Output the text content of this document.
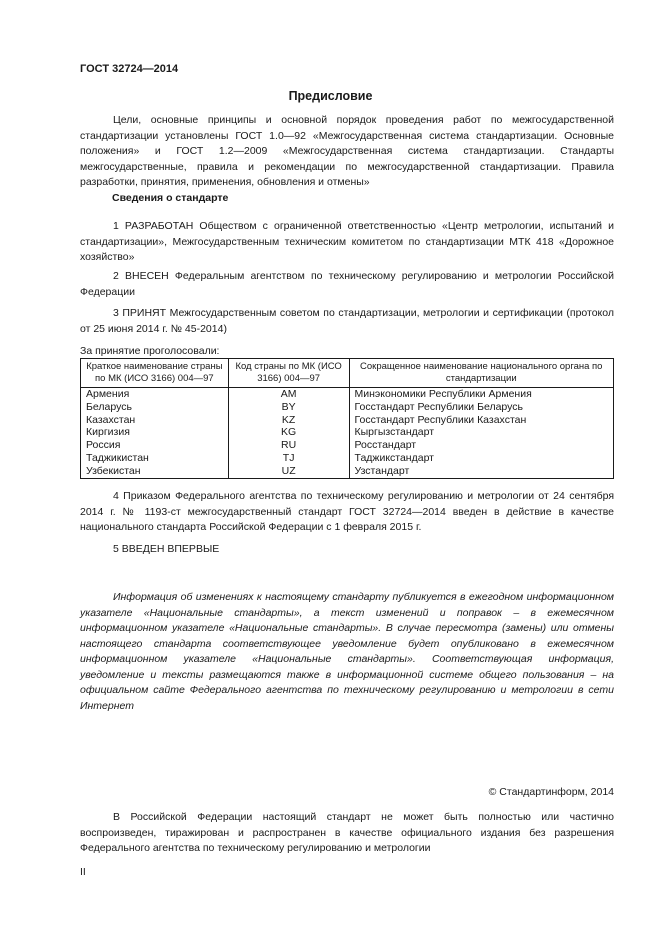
ГОСТ 32724—2014
Предисловие
Цели, основные принципы и основной порядок проведения работ по межгосударственной стандартизации установлены ГОСТ 1.0—92 «Межгосударственная система стандартизации. Основные положения» и ГОСТ 1.2—2009 «Межгосударственная система стандартизации. Стандарты межгосударственные, правила и рекомендации по межгосударственной стандартизации. Правила разработки, принятия, применения, обновления и отмены»
Сведения о стандарте
1 РАЗРАБОТАН Обществом с ограниченной ответственностью «Центр метрологии, испытаний и стандартизации», Межгосударственным техническим комитетом по стандартизации МТК 418 «Дорожное хозяйство»
2 ВНЕСЕН Федеральным агентством по техническому регулированию и метрологии Российской Федерации
3 ПРИНЯТ Межгосударственным советом по стандартизации, метрологии и сертификации (протокол от 25 июня 2014 г. № 45-2014)
За принятие проголосовали:
Краткое наименование страны по МК (ИСО 3166) 004—97	Код страны по МК (ИСО 3166) 004—97	Сокращенное наименование национального органа по стандартизации
Армения	AM	Минэкономики Республики Армения
Беларусь	BY	Госстандарт Республики Беларусь
Казахстан	KZ	Госстандарт Республики Казахстан
Киргизия	KG	Кыргызстандарт
Россия	RU	Росстандарт
Таджикистан	TJ	Таджикстандарт
Узбекистан	UZ	Узстандарт
4 Приказом Федерального агентства по техническому регулированию и метрологии от 24 сентября 2014 г. № 1193-ст межгосударственный стандарт ГОСТ 32724—2014 введен в действие в качестве национального стандарта Российской Федерации с 1 февраля 2015 г.
5 ВВЕДЕН ВПЕРВЫЕ
Информация об изменениях к настоящему стандарту публикуется в ежегодном информационном указателе «Национальные стандарты», а текст изменений и поправок – в ежемесячном информационном указателе «Национальные стандарты». В случае пересмотра (замены) или отмены настоящего стандарта соответствующее уведомление будет опубликовано в ежемесячном информационном указателе «Национальные стандарты». Соответствующая информация, уведомление и тексты размещаются также в информационной системе общего пользования – на официальном сайте Федерального агентства по техническому регулированию и метрологии в сети Интернет
© Стандартинформ, 2014
В Российской Федерации настоящий стандарт не может быть полностью или частично воспроизведен, тиражирован и распространен в качестве официального издания без разрешения Федерального агентства по техническому регулированию и метрологии
II
